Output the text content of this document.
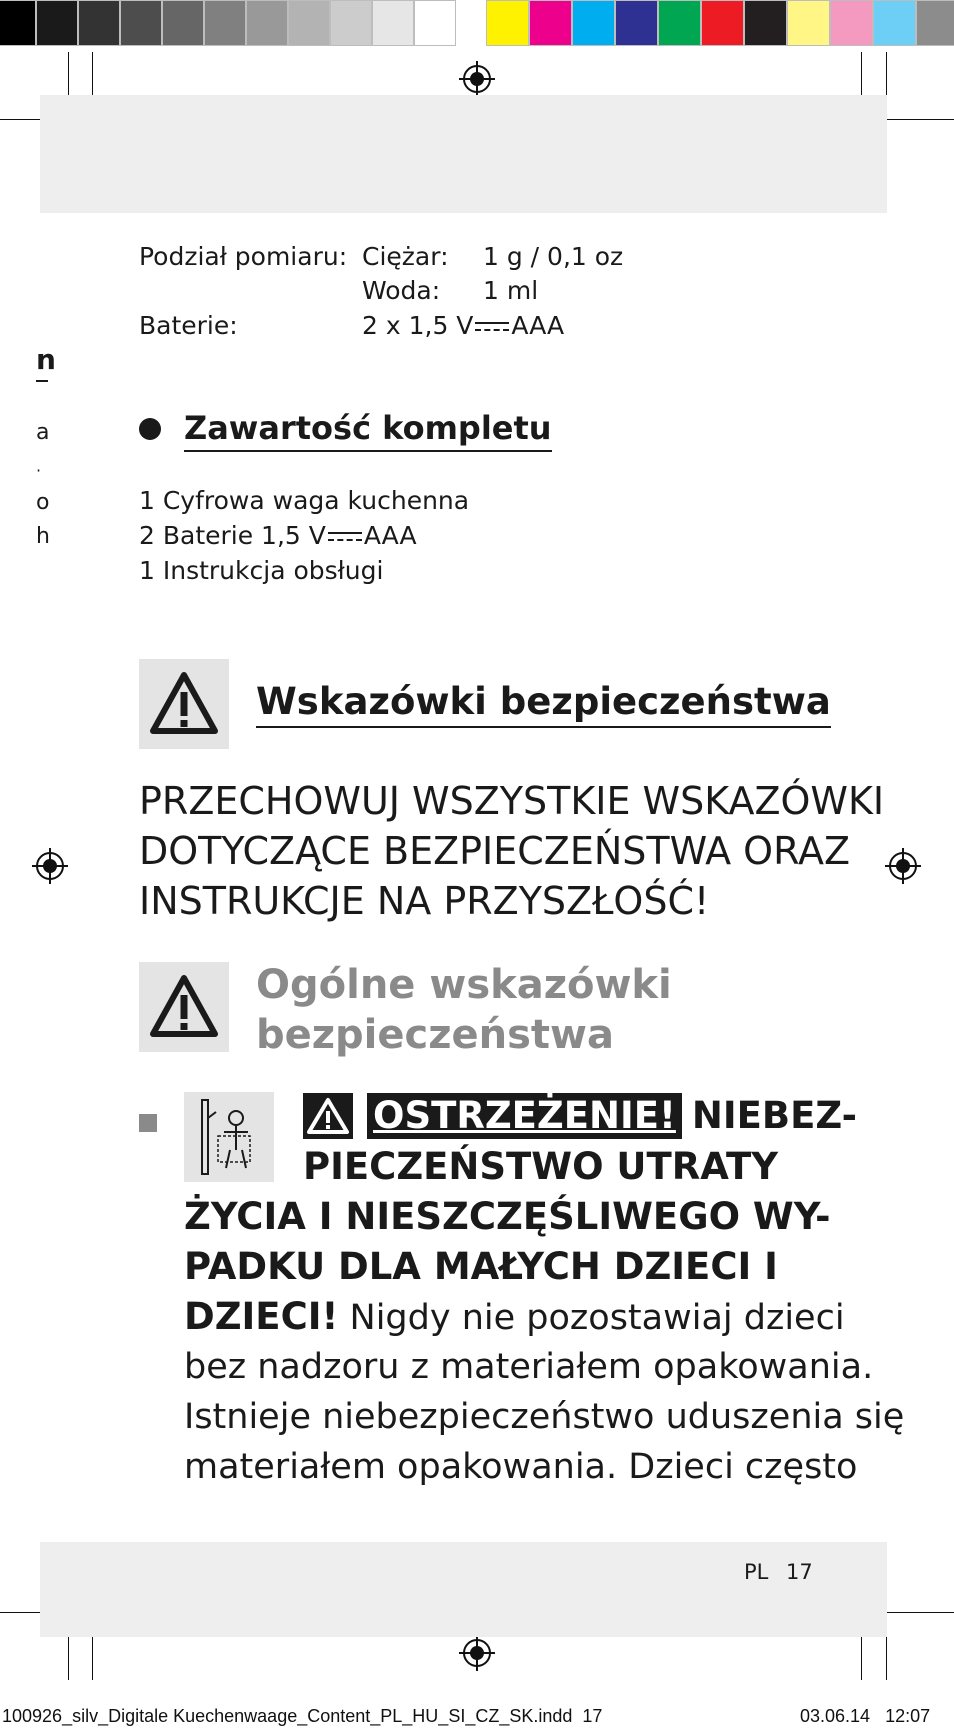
n
a
·
o
h
Podział pomiaru: Ciężar: 1 g / 0,1 oz
Woda: 1 ml
Baterie:	2 x 1,5 V AAA
Zawartość kompletu
1 Cyfrowa waga kuchenna
2 Baterie 1,5 V AAA
1 Instrukcja obsługi
Wskazówki bezpieczeństwa
PRZECHOWUJ WSZYSTKIE WSKAZÓWKI
DOTYCZĄCE BEZPIECZEŃSTWA ORAZ
INSTRUKCJE NA PRZYSZŁOŚĆ!
Ogólne wskazówki
bezpieczeństwa
OSTRZEŻENIE! NIEBEZ-
PIECZEŃSTWO UTRATY
ŻYCIA I NIESZCZĘŚLIWEGO WY-
PADKU DLA MAŁYCH DZIECI I
DZIECI! Nigdy nie pozostawiaj dzieci
bez nadzoru z materiałem opakowania.
Istnieje niebezpieczeństwo uduszenia się
materiałem opakowania. Dzieci często
PL 17
100926_silv_Digitale Kuechenwaage_Content_PL_HU_SI_CZ_SK.indd 17	03.06.14 12:07
